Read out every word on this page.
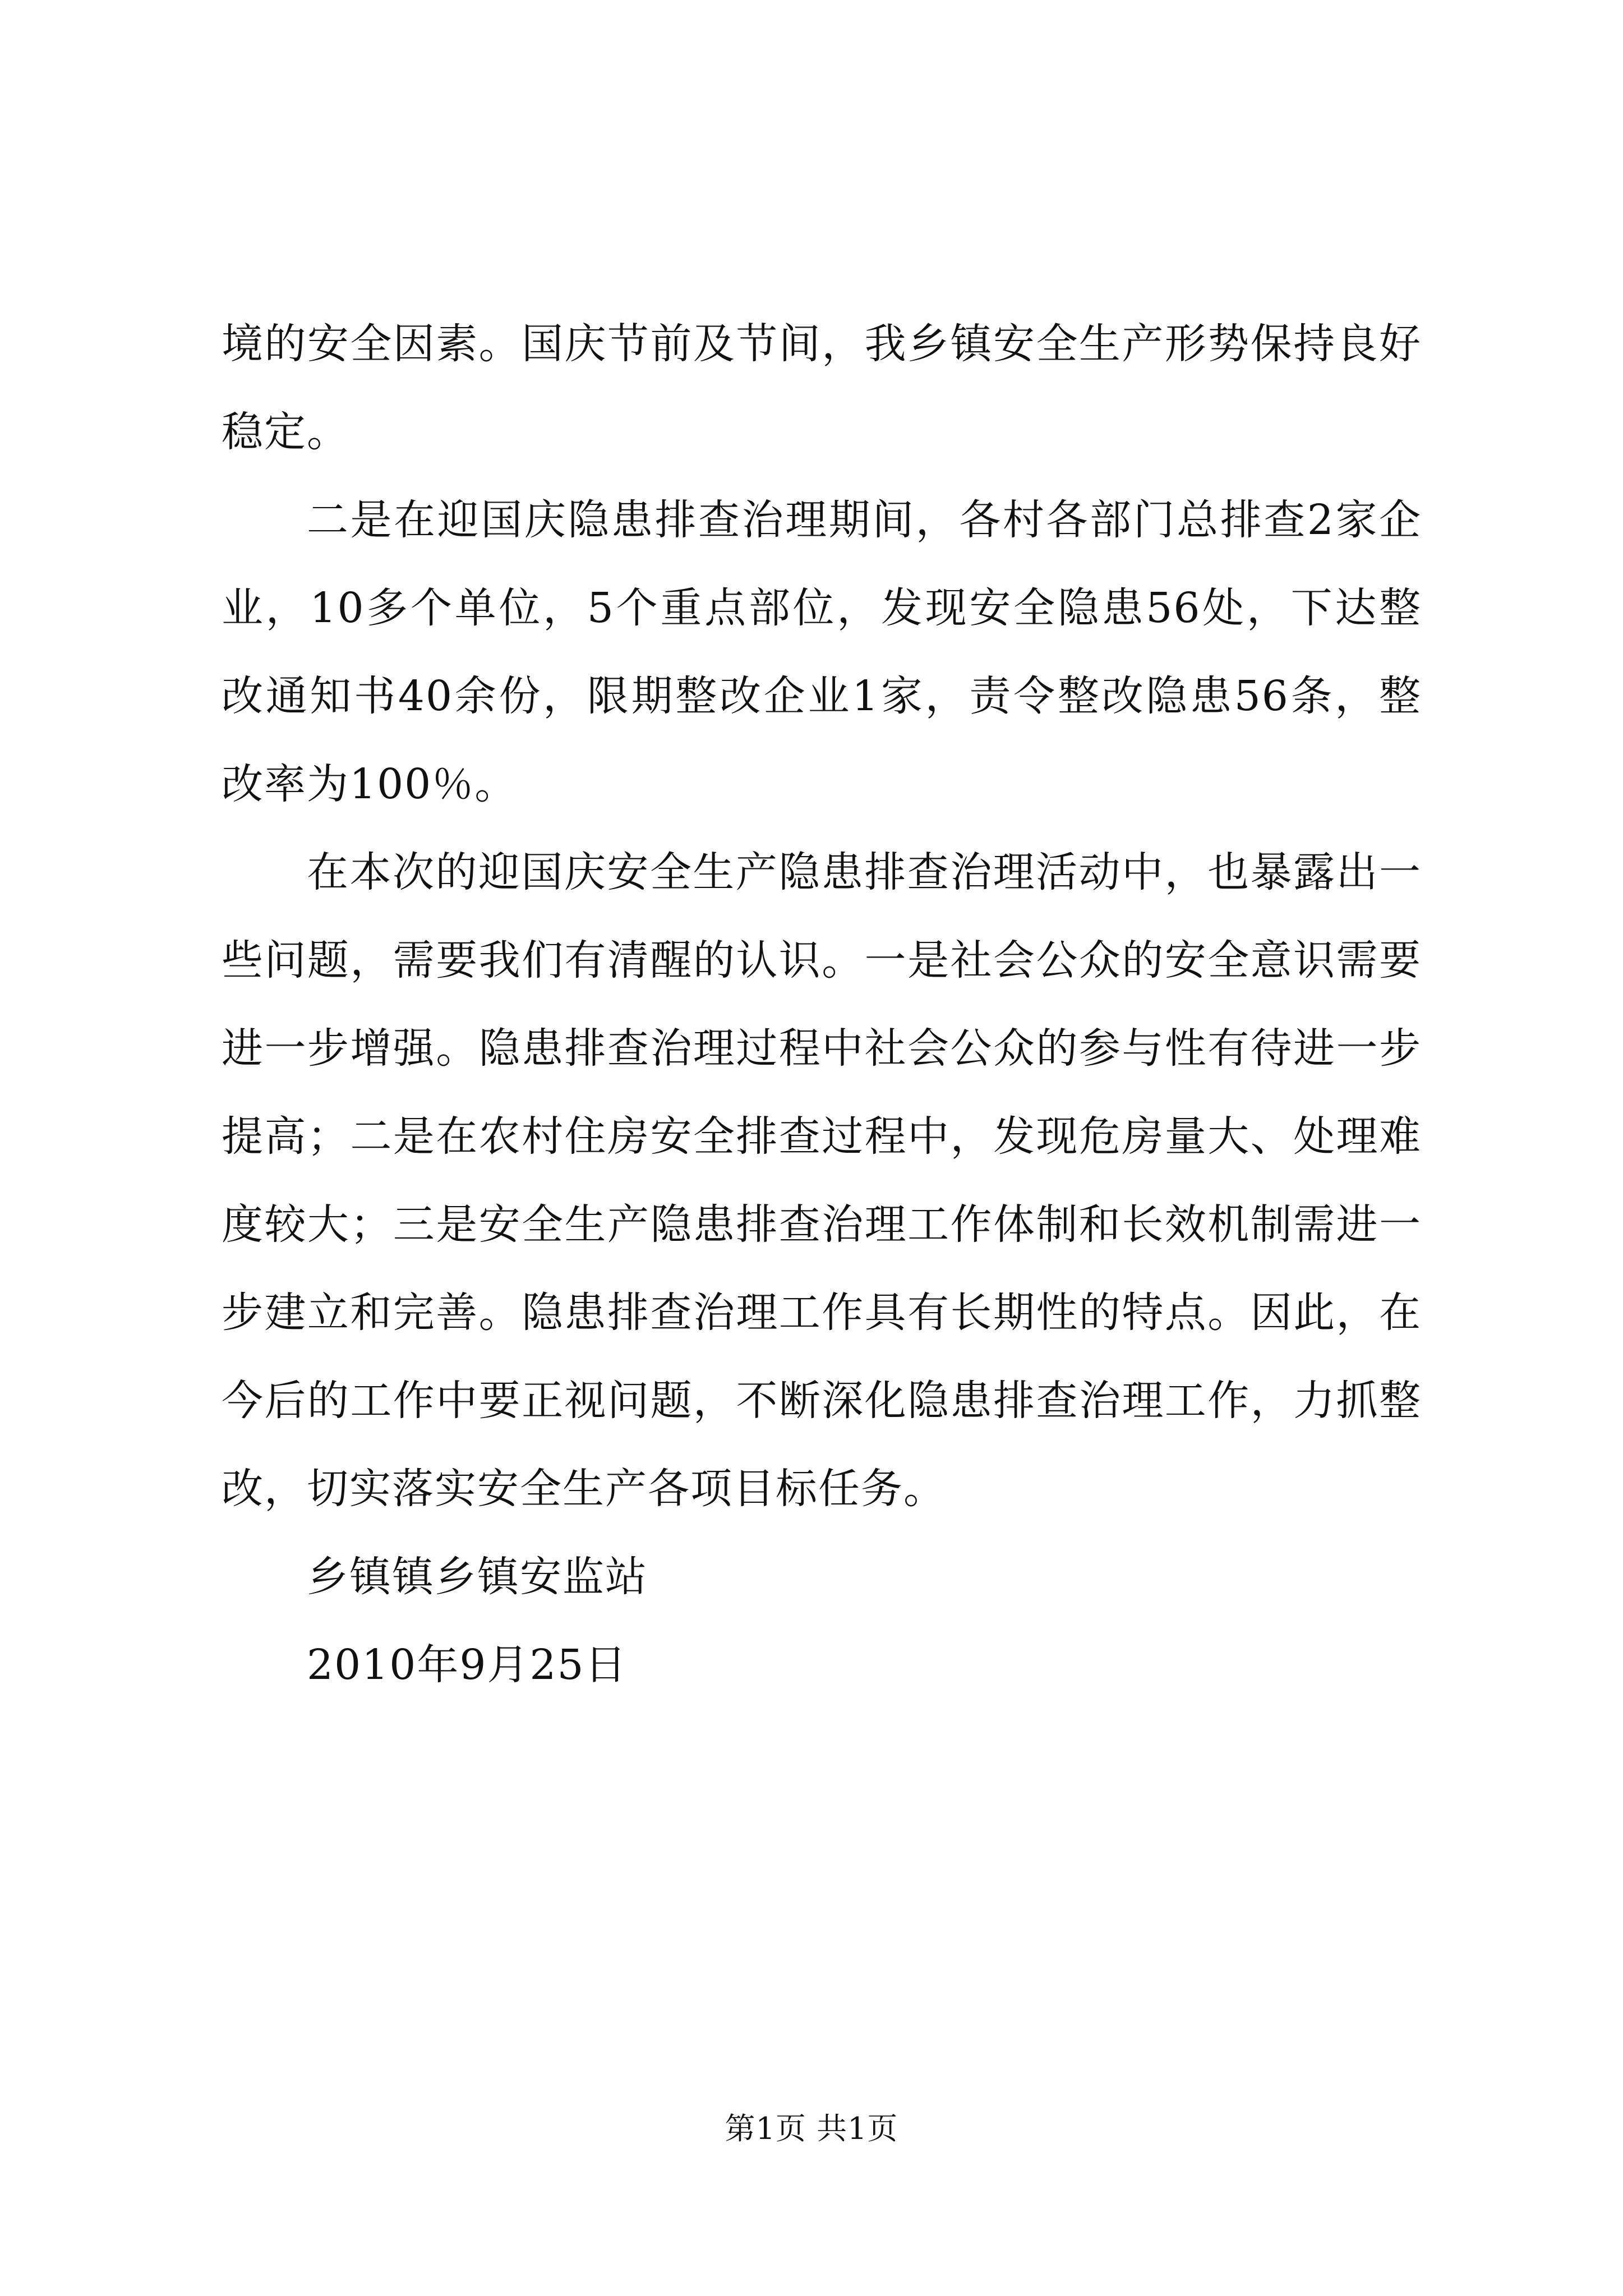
境的安全因素。国庆节前及节间，我乡镇安全生产形势保持良好稳定。

二是在迎国庆隐患排查治理期间，各村各部门总排查2家企业，10多个单位，5个重点部位，发现安全隐患56处，下达整改通知书40余份，限期整改企业1家，责令整改隐患56条，整改率为100％。

在本次的迎国庆安全生产隐患排查治理活动中，也暴露出一些问题，需要我们有清醒的认识。一是社会公众的安全意识需要进一步增强。隐患排查治理过程中社会公众的参与性有待进一步提高；二是在农村住房安全排查过程中，发现危房量大、处理难度较大；三是安全生产隐患排查治理工作体制和长效机制需进一步建立和完善。隐患排查治理工作具有长期性的特点。因此，在今后的工作中要正视问题，不断深化隐患排查治理工作，力抓整改，切实落实安全生产各项目标任务。

乡镇镇乡镇安监站

2010年9月25日

第1页 共1页
